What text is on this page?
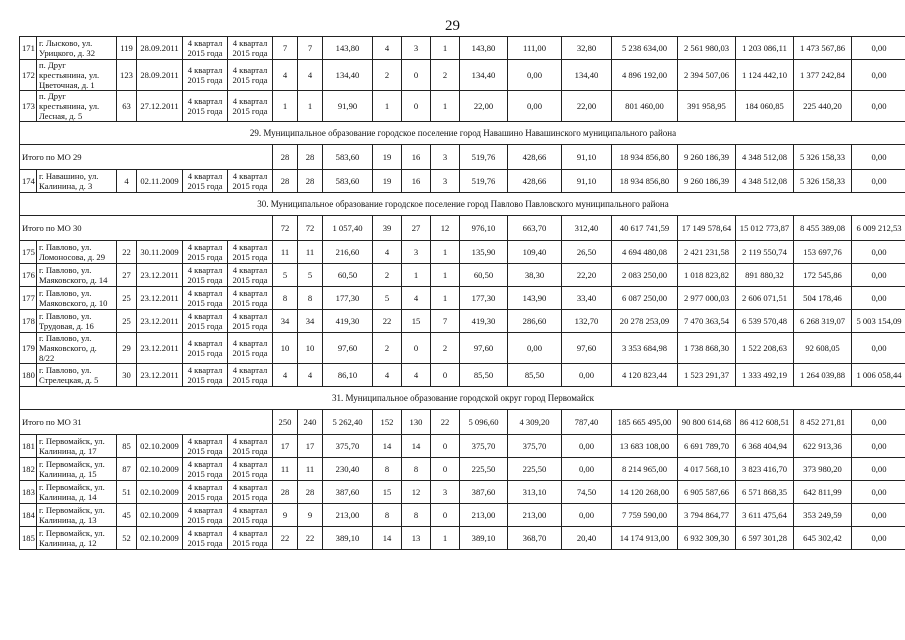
29
171	г. Лысково, ул. Урицкого, д. 32	119	28.09.2011	4 квартал 2015 года	4 квартал 2015 года	7	7	143,80	4	3	1	143,80	111,00	32,80	5 238 634,00	2 561 980,03	1 203 086,11	1 473 567,86	0,00
172	п. Друг крестьянина, ул. Цветочная, д. 1	123	28.09.2011	4 квартал 2015 года	4 квартал 2015 года	4	4	134,40	2	0	2	134,40	0,00	134,40	4 896 192,00	2 394 507,06	1 124 442,10	1 377 242,84	0,00
173	п. Друг крестьянина, ул. Лесная, д. 5	63	27.12.2011	4 квартал 2015 года	4 квартал 2015 года	1	1	91,90	1	0	1	22,00	0,00	22,00	801 460,00	391 958,95	184 060,85	225 440,20	0,00
29. Муниципальное образование городское поселение город Навашино Навашинского муниципального района																			
Итого по МО 29						28	28	583,60	19	16	3	519,76	428,66	91,10	18 934 856,80	9 260 186,39	4 348 512,08	5 326 158,33	0,00
174	г. Навашино, ул. Калинина, д. 3	4	02.11.2009	4 квартал 2015 года	4 квартал 2015 года	28	28	583,60	19	16	3	519,76	428,66	91,10	18 934 856,80	9 260 186,39	4 348 512,08	5 326 158,33	0,00
30. Муниципальное образование городское поселение город Павлово Павловского муниципального района																			
Итого по МО 30						72	72	1 057,40	39	27	12	976,10	663,70	312,40	40 617 741,59	17 149 578,64	15 012 773,87	8 455 389,08	6 009 212,53
175	г. Павлово, ул. Ломоносова, д. 29	22	30.11.2009	4 квартал 2015 года	4 квартал 2015 года	11	11	216,60	4	3	1	135,90	109,40	26,50	4 694 480,08	2 421 231,58	2 119 550,74	153 697,76	0,00
176	г. Павлово, ул. Маяковского, д. 14	27	23.12.2011	4 квартал 2015 года	4 квартал 2015 года	5	5	60,50	2	1	1	60,50	38,30	22,20	2 083 250,00	1 018 823,82	891 880,32	172 545,86	0,00
177	г. Павлово, ул. Маяковского, д. 10	25	23.12.2011	4 квартал 2015 года	4 квартал 2015 года	8	8	177,30	5	4	1	177,30	143,90	33,40	6 087 250,00	2 977 000,03	2 606 071,51	504 178,46	0,00
178	г. Павлово, ул. Трудовая, д. 16	25	23.12.2011	4 квартал 2015 года	4 квартал 2015 года	34	34	419,30	22	15	7	419,30	286,60	132,70	20 278 253,09	7 470 363,54	6 539 570,48	6 268 319,07	5 003 154,09
179	г. Павлово, ул. Маяковского, д. 8/22	29	23.12.2011	4 квартал 2015 года	4 квартал 2015 года	10	10	97,60	2	0	2	97,60	0,00	97,60	3 353 684,98	1 738 868,30	1 522 208,63	92 608,05	0,00
180	г. Павлово, ул. Стрелецкая, д. 5	30	23.12.2011	4 квартал 2015 года	4 квартал 2015 года	4	4	86,10	4	4	0	85,50	85,50	0,00	4 120 823,44	1 523 291,37	1 333 492,19	1 264 039,88	1 006 058,44
31. Муниципальное образование городской округ город Первомайск																			
Итого по МО 31						250	240	5 262,40	152	130	22	5 096,60	4 309,20	787,40	185 665 495,00	90 800 614,68	86 412 608,51	8 452 271,81	0,00
181	г. Первомайск, ул. Калинина, д. 17	85	02.10.2009	4 квартал 2015 года	4 квартал 2015 года	17	17	375,70	14	14	0	375,70	375,70	0,00	13 683 108,00	6 691 789,70	6 368 404,94	622 913,36	0,00
182	г. Первомайск, ул. Калинина, д. 15	87	02.10.2009	4 квартал 2015 года	4 квартал 2015 года	11	11	230,40	8	8	0	225,50	225,50	0,00	8 214 965,00	4 017 568,10	3 823 416,70	373 980,20	0,00
183	г. Первомайск, ул. Калинина, д. 14	51	02.10.2009	4 квартал 2015 года	4 квартал 2015 года	28	28	387,60	15	12	3	387,60	313,10	74,50	14 120 268,00	6 905 587,66	6 571 868,35	642 811,99	0,00
184	г. Первомайск, ул. Калинина, д. 13	45	02.10.2009	4 квартал 2015 года	4 квартал 2015 года	9	9	213,00	8	8	0	213,00	213,00	0,00	7 759 590,00	3 794 864,77	3 611 475,64	353 249,59	0,00
185	г. Первомайск, ул. Калинина, д. 12	52	02.10.2009	4 квартал 2015 года	4 квартал 2015 года	22	22	389,10	14	13	1	389,10	368,70	20,40	14 174 913,00	6 932 309,30	6 597 301,28	645 302,42	0,00
